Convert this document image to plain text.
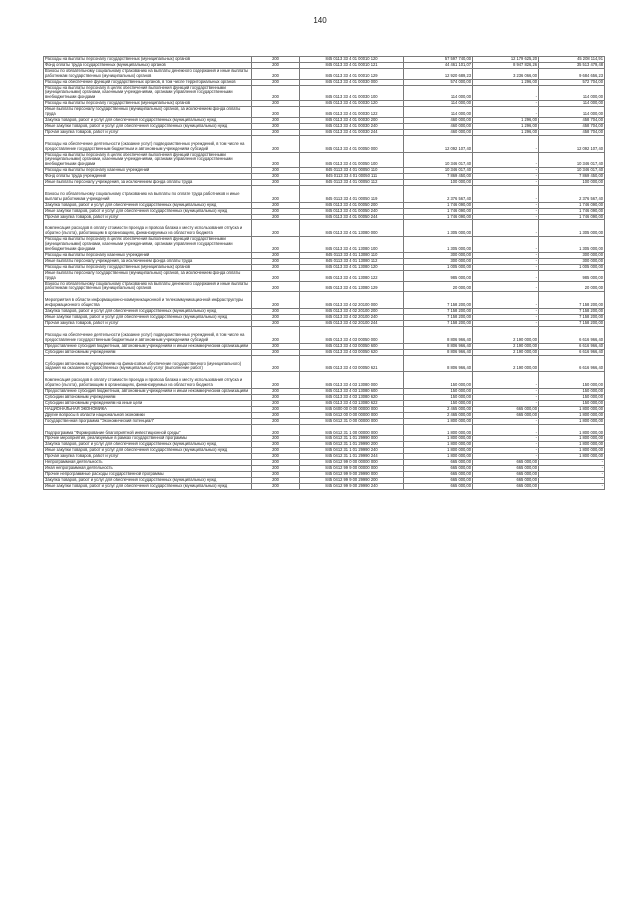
140
Расходы на выплаты персоналу государственных (муниципальных) органов	200	845 0113 33 4 01 00010 120	57 597 740,00	12 179 625,20	45 208 114,91
Фонд оплаты труда государственных (муниципальных) органов	200	845 0113 33 4 01 00010 121	44 461 101,07	8 947 826,26	35 513 479,48
Взносы по обязательному социальному страхованию на выплаты денежного содержания и иные выплаты работникам государственных (муниципальных) органов	200	845 0113 33 4 01 00010 129	12 920 689,23	3 236 066,00	9 684 656,23
Расходы на обеспечение функций государственных органов, в том числе территориальных органов	200	845 0113 33 4 01 00030 000	574 000,00	1 296,00	572 704,00
Расходы на выплаты персоналу в целях обеспечения выполнения функций государственными (муниципальными) органами, казенными учреждениями, органами управления государственными внебюджетными фондами	200	845 0113 33 4 01 00030 100	114 000,00	-	114 000,00
Расходы на выплаты персоналу государственных (муниципальных) органов	200	845 0113 33 4 01 00030 120	114 000,00	-	114 000,00
Иные выплаты персоналу государственных (муниципальных) органов, за исключением фонда оплаты труда	200	845 0113 33 4 01 00030 122	114 000,00	-	114 000,00
Закупка товаров, работ и услуг для обеспечения государственных (муниципальных) нужд	200	845 0113 33 4 01 00030 200	460 000,00	1 296,00	458 704,00
Иные закупки товаров, работ и услуг для обеспечения государственных (муниципальных) нужд	200	845 0113 33 4 01 00030 240	460 000,00	1 296,00	458 704,00
Прочая закупка товаров, работ и услуг	200	845 0113 33 4 01 00030 244	460 000,00	1 296,00	458 704,00
Расходы на обеспечение деятельности (оказание услуг) подведомственных учреждений, в том числе на предоставление государственным бюджетным и автономным учреждениям субсидий	200	845 0113 33 4 01 00050 000	12 092 107,40	-	12 092 107,40
Расходы на выплаты персоналу в целях обеспечения выполнения функций государственными (муниципальными) органами, казенными учреждениями, органами управления государственными внебюджетными фондами	200	845 0113 33 4 01 00050 100	10 346 017,40	-	10 346 017,40
Расходы на выплаты персоналу казенных учреждений	200	845 0113 33 4 01 00050 110	10 346 017,40	-	10 346 017,40
Фонд оплаты труда учреждений	200	845 0113 33 4 01 00050 111	7 869 450,00	-	7 869 450,00
Иные выплаты персоналу учреждений, за исключением фонда оплаты труда	200	845 0113 33 4 01 00050 112	100 000,00	-	100 000,00
Взносы по обязательному социальному страхованию на выплаты по оплате труда работников и иные выплаты работникам учреждений	200	845 0113 33 4 01 00050 119	2 376 567,40	-	2 376 567,40
Закупка товаров, работ и услуг для обеспечения государственных (муниципальных) нужд	200	845 0113 33 4 01 00050 200	1 746 090,00	-	1 746 090,00
Иные закупки товаров, работ и услуг для обеспечения государственных (муниципальных) нужд	200	845 0113 33 4 01 00050 240	1 746 090,00	-	1 746 090,00
Прочая закупка товаров, работ и услуг	200	845 0113 33 4 01 00050 244	1 746 090,00	-	1 746 090,00
Компенсация расходов в оплату стоимости проезда и провоза багажа к месту использования отпуска и обратно (льгота), работающим в организациях, финансируемых из областного бюджета	200	845 0113 33 4 01 13080 000	1 305 000,00	-	1 305 000,00
Расходы на выплаты персоналу в целях обеспечения выполнения функций государственными (муниципальными) органами, казенными учреждениями, органами управления государственными внебюджетными фондами	200	845 0113 33 4 01 13080 100	1 305 000,00	-	1 305 000,00
Расходы на выплаты персоналу казенных учреждений	200	845 0113 33 4 01 13080 110	300 000,00	-	300 000,00
Иные выплаты персоналу учреждений, за исключением фонда оплаты труда	200	845 0113 33 4 01 13080 112	300 000,00	-	300 000,00
Расходы на выплаты персоналу государственных (муниципальных) органов	200	845 0113 33 4 01 13080 120	1 005 000,00	-	1 005 000,00
Иные выплаты персоналу государственных (муниципальных) органов, за исключением фонда оплаты труда	200	845 0113 33 4 01 13080 122	985 000,00	-	985 000,00
Взносы по обязательному социальному страхованию на выплаты денежного содержания и иные выплаты работникам государственных (муниципальных) органов	200	845 0113 33 4 01 13080 129	20 000,00	-	20 000,00
Мероприятия в области информационно-коммуникационной и телекоммуникационной инфраструктуры информационного общества	200	845 0113 33 4 02 20100 000	7 158 200,00	-	7 158 200,00
Закупка товаров, работ и услуг для обеспечения государственных (муниципальных) нужд	200	845 0113 33 4 02 20100 200	7 158 200,00	-	7 158 200,00
Иные закупки товаров, работ и услуг для обеспечения государственных (муниципальных) нужд	200	845 0113 33 4 02 20100 240	7 158 200,00	-	7 158 200,00
Прочая закупка товаров, работ и услуг	200	845 0113 33 4 02 20100 244	7 158 200,00	-	7 158 200,00
Расходы на обеспечение деятельности (оказание услуг) подведомственных учреждений, в том числе на предоставление государственным бюджетным и автономным учреждениям субсидий	200	845 0113 33 4 03 00050 000	8 806 966,40	2 190 000,00	6 616 966,40
Предоставление субсидий бюджетным, автономным учреждениям и иным некоммерческим организациям	200	845 0113 33 4 03 00050 600	8 806 966,40	2 190 000,00	6 616 966,40
Субсидии автономным учреждениям	200	845 0113 33 4 03 00050 620	8 806 966,40	2 190 000,00	6 616 966,40
Субсидии автономным учреждениям на финансовое обеспечение государственного (муниципального) задания на оказание государственных (муниципальных) услуг (выполнение работ)	200	845 0113 33 4 03 00050 621	8 806 966,40	2 190 000,00	6 616 966,40
Компенсация расходов в оплату стоимости проезда и провоза багажа к месту использования отпуска и обратно (льгота), работающим в организациях, финансируемых из областного бюджета	200	845 0113 33 4 03 13080 000	150 000,00	-	150 000,00
Предоставление субсидий бюджетным, автономным учреждениям и иным некоммерческим организациям	200	845 0113 33 4 03 13080 600	150 000,00	-	150 000,00
Субсидии автономным учреждениям	200	845 0113 33 4 03 13080 620	150 000,00	-	150 000,00
Субсидии автономным учреждениям на иные цели	200	845 0113 33 4 03 13080 622	150 000,00	-	150 000,00
НАЦИОНАЛЬНАЯ ЭКОНОМИКА	200	845 0400 00 0 00 00000 000	2 465 000,00	665 000,00	1 800 000,00
Другие вопросы в области национальной экономики	200	845 0412 00 0 00 00000 000	2 465 000,00	665 000,00	1 800 000,00
Государственная программа "Экономический потенциал"	200	845 0412 31 0 00 00000 000	1 800 000,00	-	1 800 000,00
Подпрограмма "Формирование благоприятной инвестиционной среды"	200	845 0412 31 1 00 00000 000	1 800 000,00	-	1 800 000,00
Прочие мероприятия, реализуемые в рамках государственной программы	200	845 0412 31 1 01 29990 000	1 800 000,00	-	1 800 000,00
Закупка товаров, работ и услуг для обеспечения государственных (муниципальных) нужд	200	845 0412 31 1 01 29990 200	1 800 000,00	-	1 800 000,00
Иные закупки товаров, работ и услуг для обеспечения государственных (муниципальных) нужд	200	845 0412 31 1 01 29990 240	1 800 000,00	-	1 800 000,00
Прочая закупка товаров, работ и услуг	200	845 0412 31 1 01 29990 244	1 800 000,00	-	1 800 000,00
Непрограммная деятельность	200	845 0412 99 0 00 00000 000	665 000,00	665 000,00	-
Иная непрограммная деятельность	200	845 0412 99 9 00 00000 000	665 000,00	665 000,00	-
Прочие непрограммные расходы государственной программы	200	845 0412 99 9 00 29990 000	665 000,00	665 000,00	-
Закупка товаров, работ и услуг для обеспечения государственных (муниципальных) нужд	200	845 0412 99 9 00 29990 200	665 000,00	665 000,00	-
Иные закупки товаров, работ и услуг для обеспечения государственных (муниципальных) нужд	200	845 0412 99 9 00 29990 240	665 000,00	665 000,00	-
